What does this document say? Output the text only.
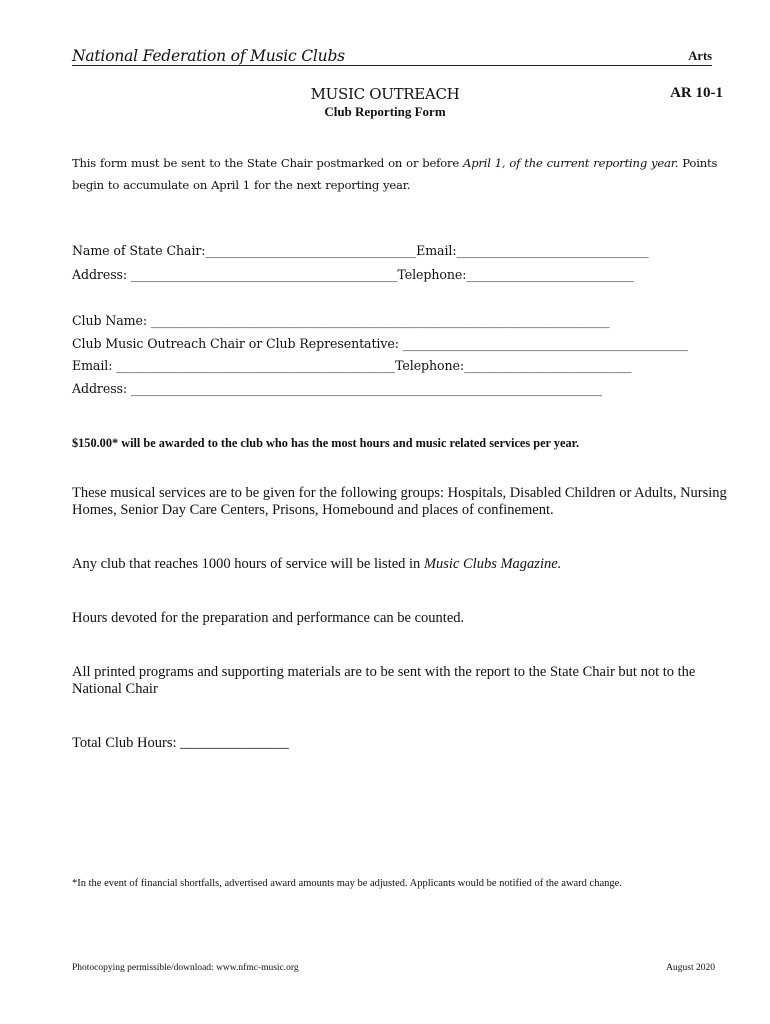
National Federation of Music Clubs	Arts
MUSIC OUTREACH
Club Reporting Form
AR 10-1
This form must be sent to the State Chair postmarked on or before April 1, of the current reporting year. Points begin to accumulate on April 1 for the next reporting year.
Name of State Chair:__________________________________Email:_______________________________
Address: ___________________________________________Telephone:___________________________
Club Name: __________________________________________________________________________
Club Music Outreach Chair or Club Representative: ______________________________________________
Email: _____________________________________________Telephone:___________________________
Address: ____________________________________________________________________________
$150.00* will be awarded to the club who has the most hours and music related services per year.
These musical services are to be given for the following groups: Hospitals, Disabled Children or Adults, Nursing Homes, Senior Day Care Centers, Prisons, Homebound and places of confinement.
Any club that reaches 1000 hours of service will be listed in Music Clubs Magazine.
Hours devoted for the preparation and performance can be counted.
All printed programs and supporting materials are to be sent with the report to the State Chair but not to the National Chair
Total Club Hours: _______________
*In the event of financial shortfalls, advertised award amounts may be adjusted. Applicants would be notified of the award change.
Photocopying permissible/download: www.nfmc-music.org	August 2020
